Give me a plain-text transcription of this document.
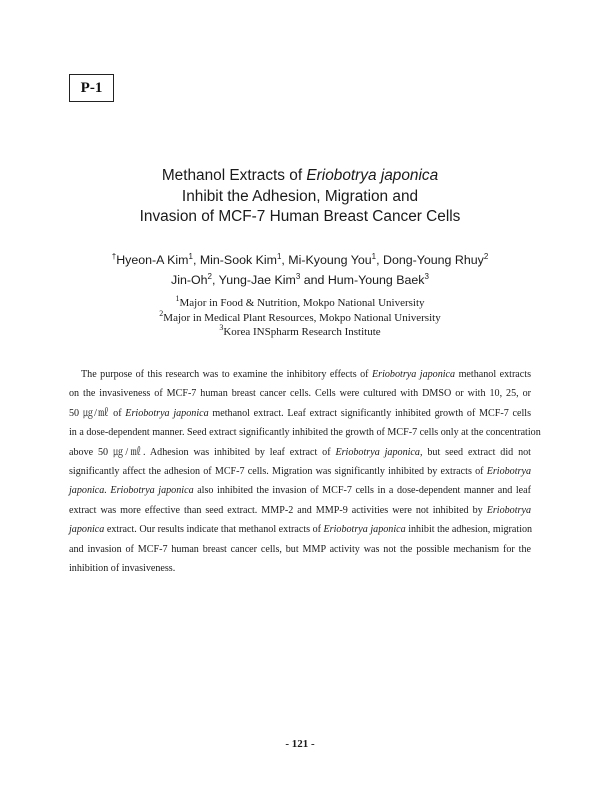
P-1
Methanol Extracts of Eriobotrya japonica
Inhibit the Adhesion, Migration and
Invasion of MCF-7 Human Breast Cancer Cells
†Hyeon-A Kim$^1$, Min-Sook Kim$^1$, Mi-Kyoung You$^1$, Dong-Young Rhuy$^2$
Jin-Oh$^2$, Yung-Jae Kim$^3$ and Hum-Young Baek$^3$
$^1$Major in Food & Nutrition, Mokpo National University
$^2$Major in Medical Plant Resources, Mokpo National University
$^3$Korea INSpharm Research Institute
The purpose of this research was to examine the inhibitory effects of Eriobotrya japonica methanol extracts
on the invasiveness of MCF-7 human breast cancer cells. Cells were cultured with DMSO or with 10, 25, or
50 ㎍/㎖ of Eriobotrya japonica methanol extract. Leaf extract significantly inhibited growth of MCF-7 cells
in a dose-dependent manner. Seed extract significantly inhibited the growth of MCF-7 cells only at the concentration
above 50 ㎍/㎖. Adhesion was inhibited by leaf extract of Eriobotrya japonica, but seed extract did not
significantly affect the adhesion of MCF-7 cells. Migration was significantly inhibited by extracts of Eriobotrya
japonica. Eriobotrya japonica also inhibited the invasion of MCF-7 cells in a dose-dependent manner and leaf
extract was more effective than seed extract. MMP-2 and MMP-9 activities were not inhibited by Eriobotrya
japonica extract. Our results indicate that methanol extracts of Eriobotrya japonica inhibit the adhesion, migration
and invasion of MCF-7 human breast cancer cells, but MMP activity was not the possible mechanism for the
inhibition of invasiveness.
- 121 -
